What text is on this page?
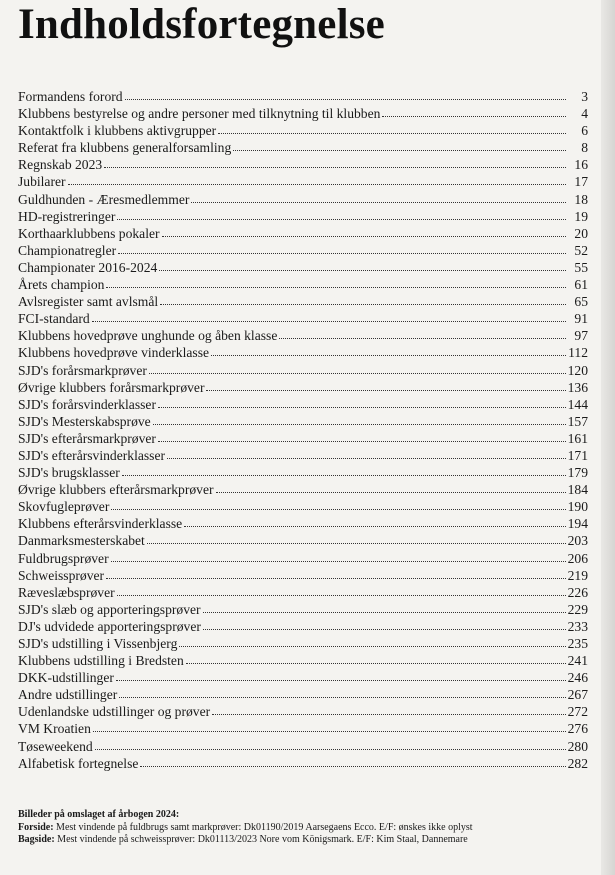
Indholdsfortegnelse
Formandens forord	3
Klubbens bestyrelse og andre personer med tilknytning til klubben	4
Kontaktfolk i klubbens aktivgrupper	6
Referat fra klubbens generalforsamling	8
Regnskab 2023	16
Jubilarer	17
Guldhunden - Æresmedlemmer	18
HD-registreringer	19
Korthaarklubbens pokaler	20
Championatregler	52
Championater 2016-2024	55
Årets champion	61
Avlsregister samt avlsmål	65
FCI-standard	91
Klubbens hovedprøve unghunde og åben klasse	97
Klubbens hovedprøve vinderklasse	112
SJD's forårsmarkprøver	120
Øvrige klubbers forårsmarkprøver	136
SJD's forårsvinderklasser	144
SJD's Mesterskabsprøve	157
SJD's efterårsmarkprøver	161
SJD's efterårsvinderklasser	171
SJD's brugsklasser	179
Øvrige klubbers efterårsmarkprøver	184
Skovfugleprøver	190
Klubbens efterårsvinderklasse	194
Danmarksmesterskabet	203
Fuldbrugsprøver	206
Schweissprøver	219
Ræveslæbsprøver	226
SJD's slæb og apporteringsprøver	229
DJ's udvidede apporteringsprøver	233
SJD's udstilling i Vissenbjerg	235
Klubbens udstilling i Bredsten	241
DKK-udstillinger	246
Andre udstillinger	267
Udenlandske udstillinger og prøver	272
VM Kroatien	276
Tøseweekend	280
Alfabetisk fortegnelse	282
Billeder på omslaget af årbogen 2024:
Forside: Mest vindende på fuldbrugs samt markprøver: Dk01190/2019 Aarsegaens Ecco. E/F: ønskes ikke oplyst
Bagside: Mest vindende på schweissprøver: Dk01113/2023 Nore vom Königsmark. E/F: Kim Staal, Dannemare
